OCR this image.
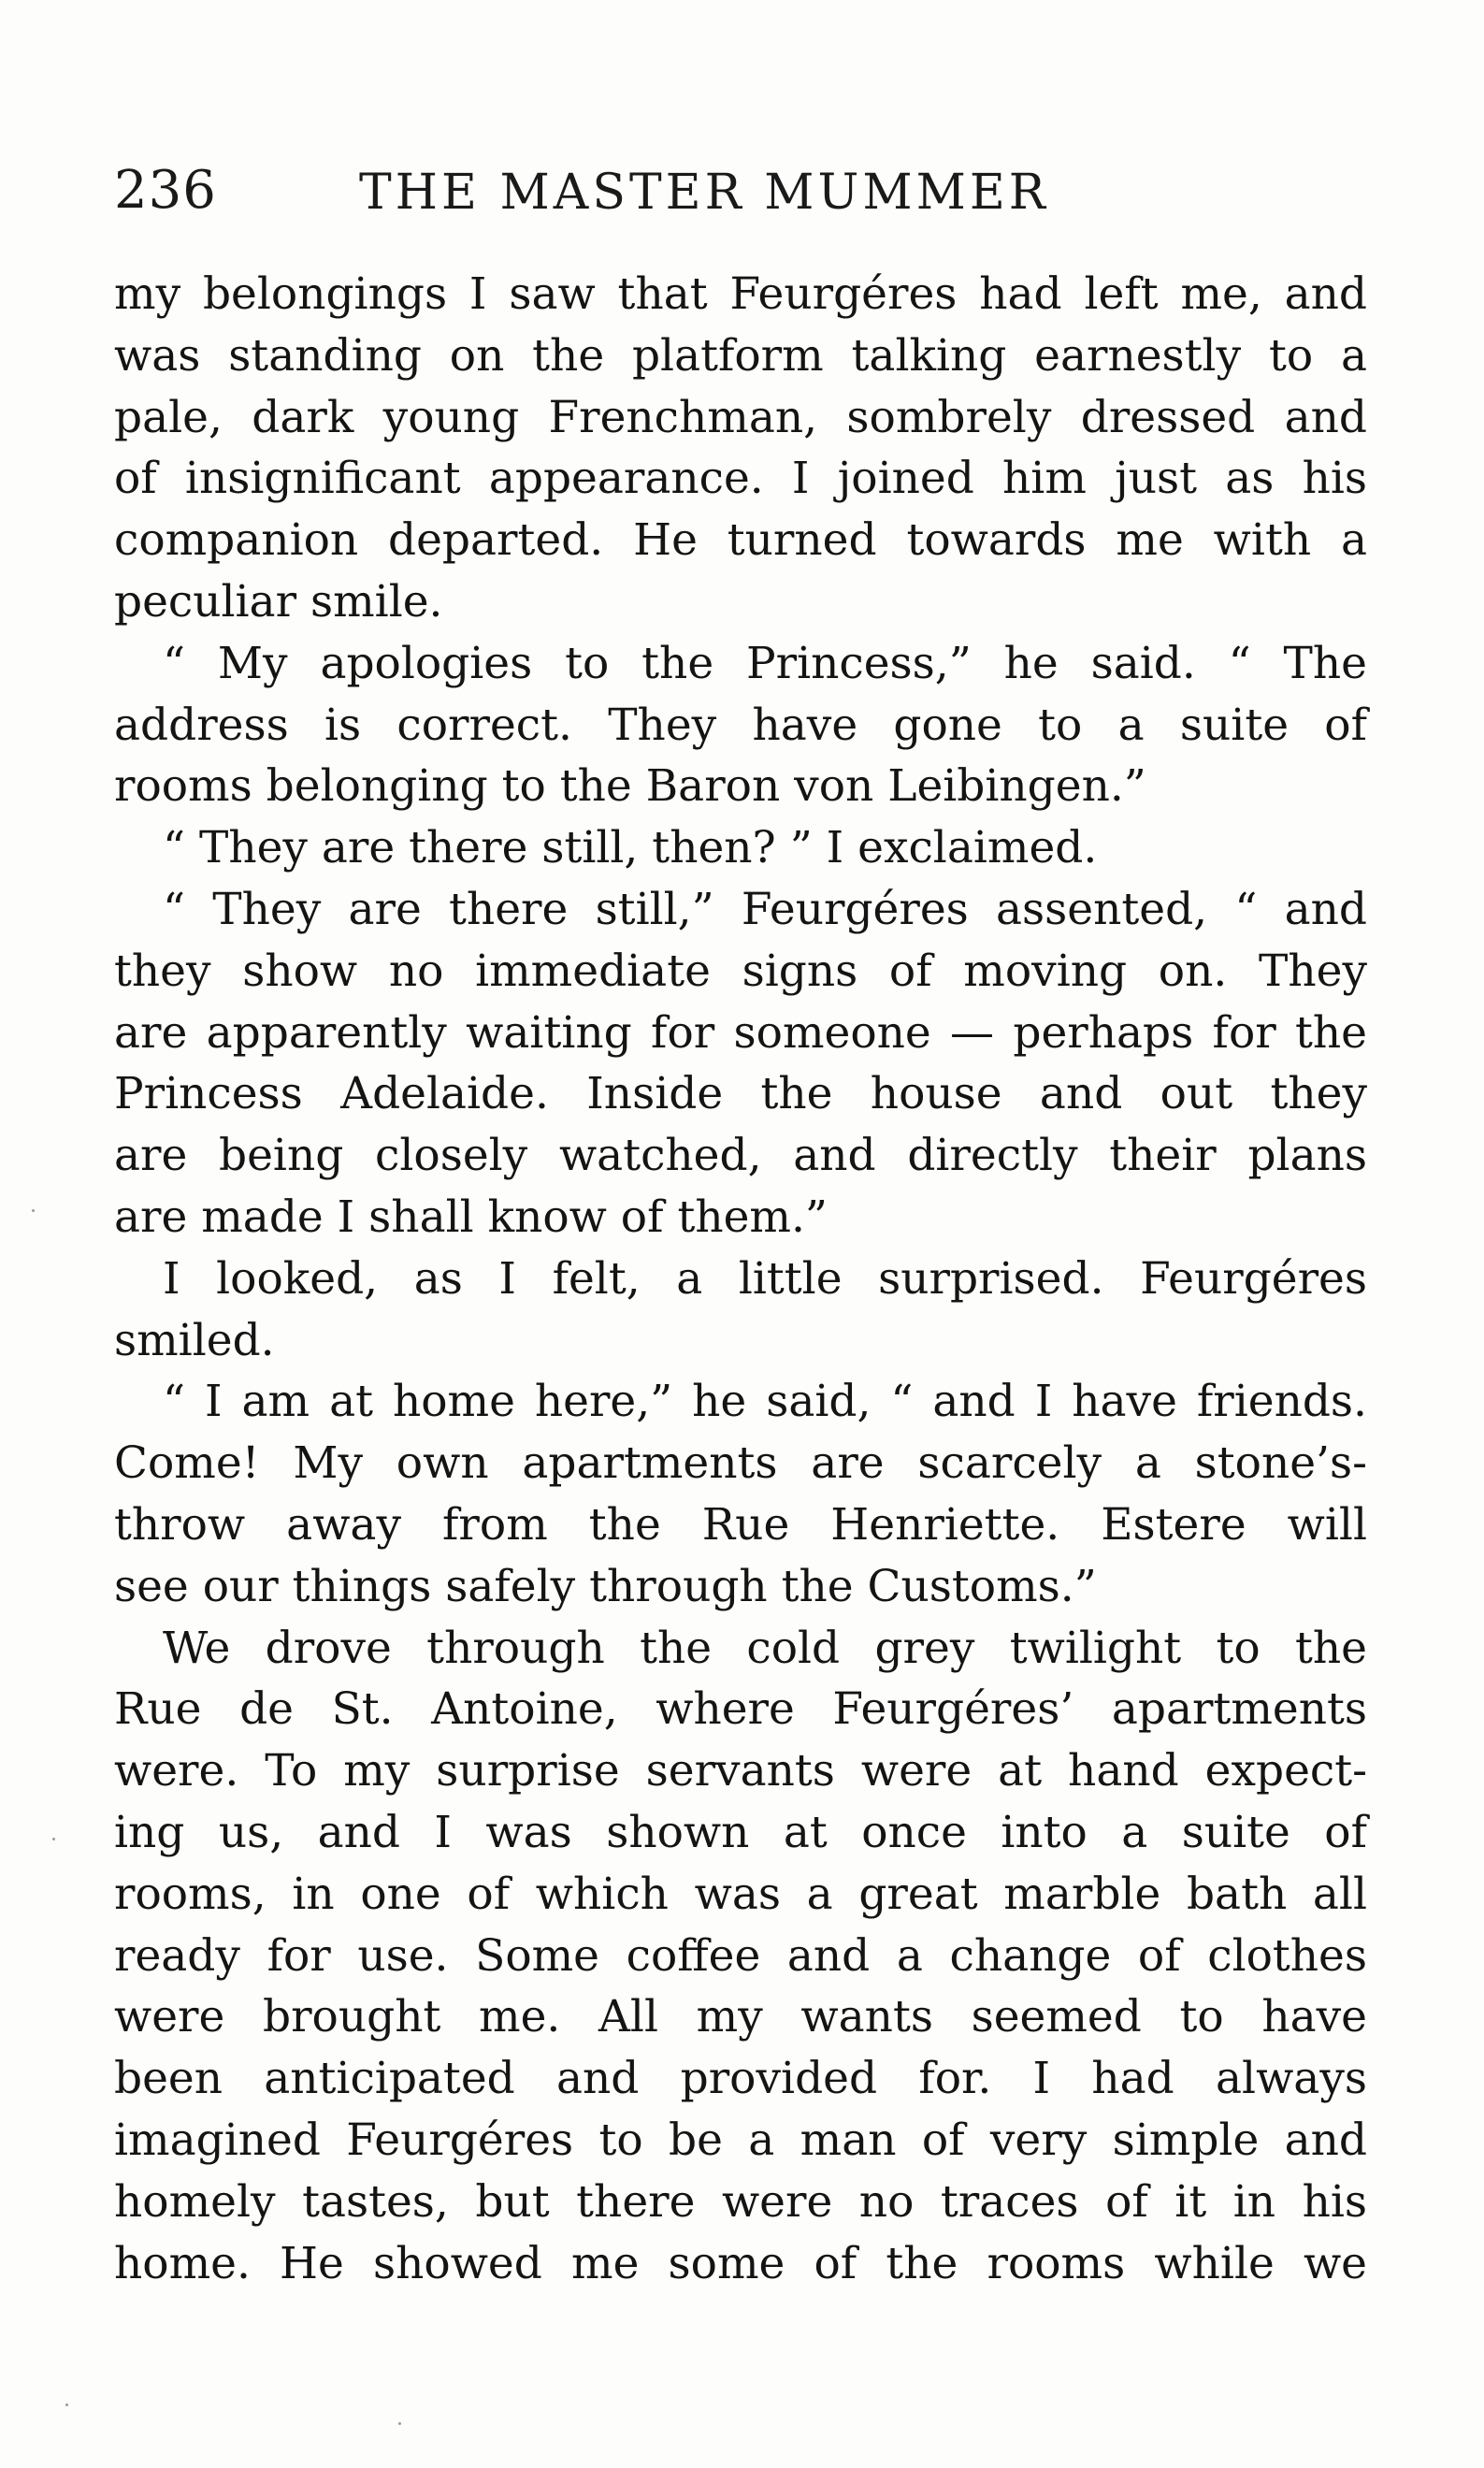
236	THE MASTER MUMMER
my belongings I saw that Feurgéres had left me, and
was standing on the platform talking earnestly to a
pale, dark young Frenchman, sombrely dressed and
of insignificant appearance. I joined him just as his
companion departed. He turned towards me with a
peculiar smile.
“ My apologies to the Princess,” he said. “ The
address is correct. They have gone to a suite of
rooms belonging to the Baron von Leibingen.”
“ They are there still, then? ” I exclaimed.
“ They are there still,” Feurgéres assented, “ and
they show no immediate signs of moving on. They
are apparently waiting for someone — perhaps for the
Princess Adelaide. Inside the house and out they
are being closely watched, and directly their plans
are made I shall know of them.”
I looked, as I felt, a little surprised. Feurgéres
smiled.
“ I am at home here,” he said, “ and I have friends.
Come! My own apartments are scarcely a stone’s-
throw away from the Rue Henriette. Estere will
see our things safely through the Customs.”
We drove through the cold grey twilight to the
Rue de St. Antoine, where Feurgéres’ apartments
were. To my surprise servants were at hand expect-
ing us, and I was shown at once into a suite of
rooms, in one of which was a great marble bath all
ready for use. Some coffee and a change of clothes
were brought me. All my wants seemed to have
been anticipated and provided for. I had always
imagined Feurgéres to be a man of very simple and
homely tastes, but there were no traces of it in his
home. He showed me some of the rooms while we
